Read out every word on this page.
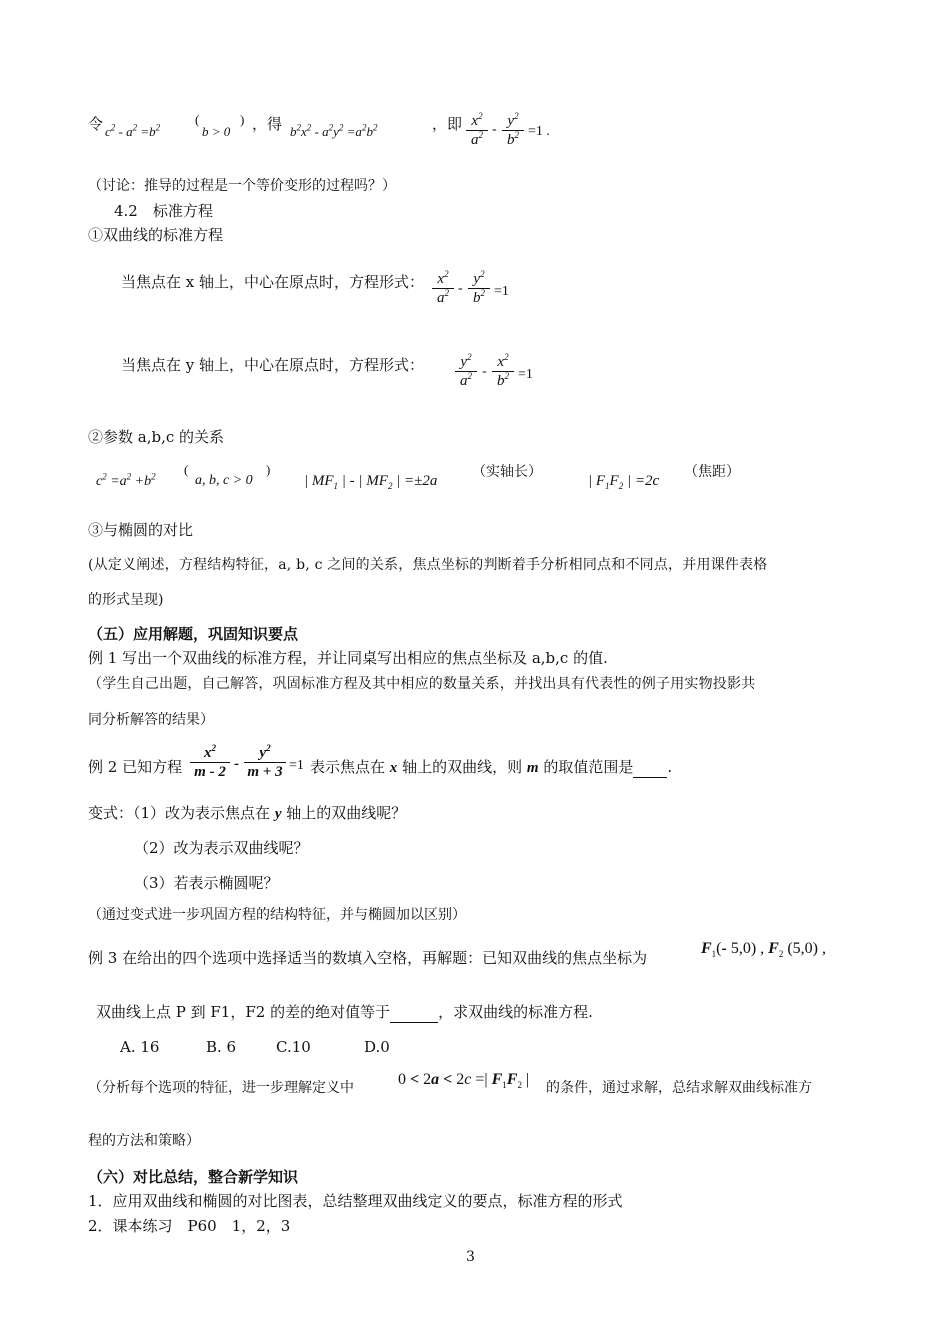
令 $c^2 - a^2 =b^2$
(
b > 0
) ，得 $b^2x^2 - a^2y^2 =a^2b^2$	，即 $x^2$
$a^2$ -
$y^2$
$b^2 =1$ .
（讨论：推导的过程是一个等价变形的过程吗？）
4.2　标准方程
①双曲线的标准方程
当焦点在 x 轴上，中心在原点时，方程形式： $x^2$
$a^2$ -
$y^2$
$b^2 =1$
当焦点在 y 轴上，中心在原点时，方程形式：	$y^2$
$a^2$ -
$x^2$
$b^2 =1$
②参数 a,b,c 的关系
$c^2 =a^2 +b^2$ (
a, b, c > 0
)
| $MF_1$ | - | $MF_2$ | =±2a
（实轴长）
| $F_1F_2$ | =2c
（焦距）
③与椭圆的对比
(从定义阐述，方程结构特征，a, b, c 之间的关系，焦点坐标的判断着手分析相同点和不同点，并用课件表格
的形式呈现)
（五）应用解题，巩固知识要点
例 1 写出一个双曲线的标准方程，并让同桌写出相应的焦点坐标及 a,b,c 的值.
（学生自己出题，自己解答，巩固标准方程及其中相应的数量关系，并找出具有代表性的例子用实物投影共
同分析解答的结果）
例 2 已知方程
$x^2$
m - 2 -
$y^2$
m + 3 =1 表示焦点在 x 轴上的双曲线，则 m 的取值范围是 .
变式：（1）改为表示焦点在 y 轴上的双曲线呢？
（2）改为表示双曲线呢？
（3）若表示椭圆呢？
（通过变式进一步巩固方程的结构特征，并与椭圆加以区别）
例 3 在给出的四个选项中选择适当的数填入空格，再解题：已知双曲线的焦点坐标为
$F_1(-$ 5,0) , $F_2$ (5,0) ,
双曲线上点 P 到 F1，F2 的差的绝对值等于	，求双曲线的标准方程.
A. 16	B. 6	C.10	D.0
（分析每个选项的特征，进一步理解定义中	0 < 2a < 2c =| $F_1F_2$ | 的条件，通过求解，总结求解双曲线标准方
程的方法和策略）
（六）对比总结，整合新学知识
1．应用双曲线和椭圆的对比图表，总结整理双曲线定义的要点，标准方程的形式
2．课本练习　P60　1，2，3
3
